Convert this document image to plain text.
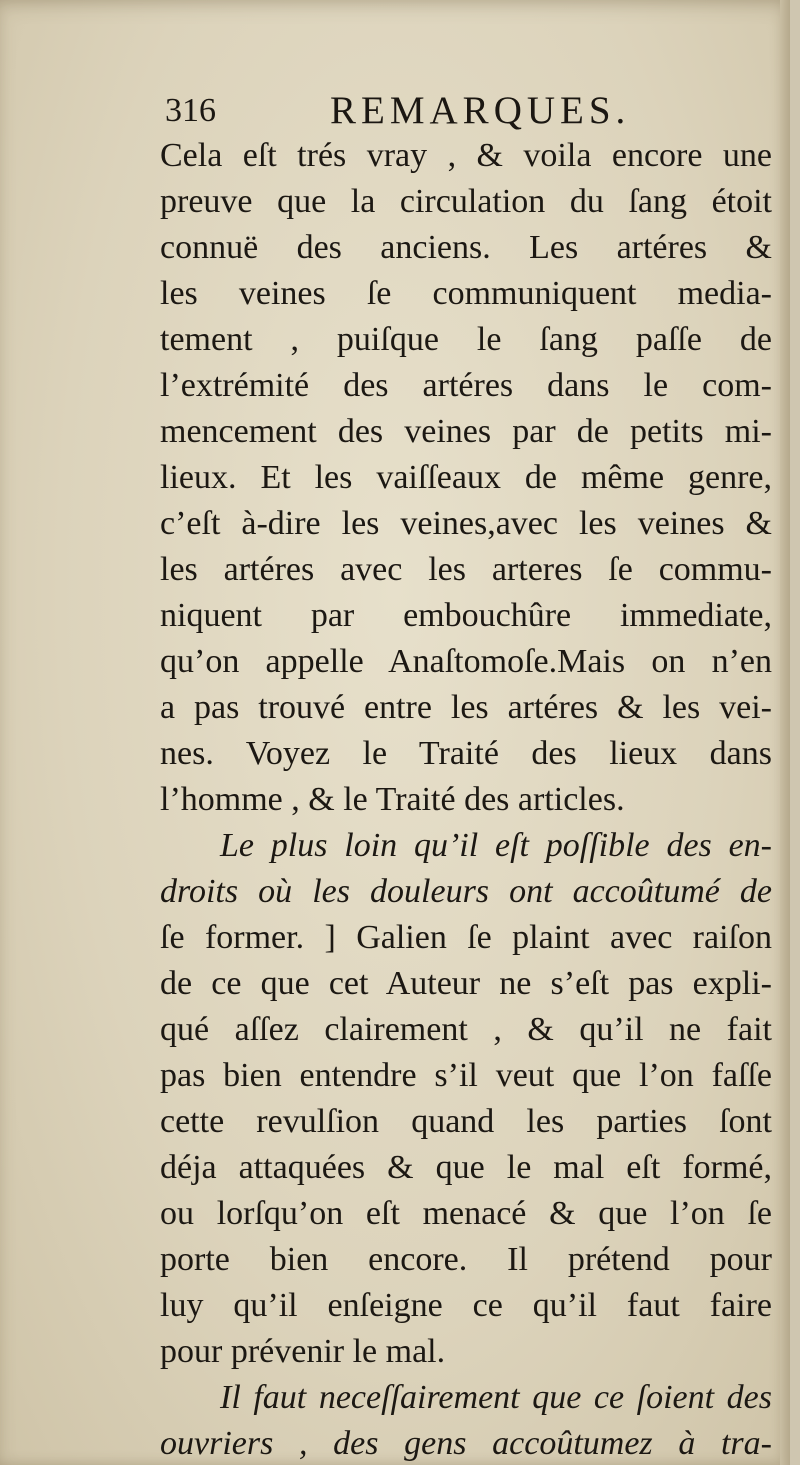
316	REMARQUES.
Cela eſt trés vray , & voila encore une
preuve que la circulation du ſang étoit
connuë des anciens. Les artéres &
les veines ſe communiquent media-
tement , puiſque le ſang paſſe de
l’extrémité des artéres dans le com-
mencement des veines par de petits mi-
lieux. Et les vaiſſeaux de même genre,
c’eſt à-dire les veines,avec les veines &
les artéres avec les arteres ſe commu-
niquent par embouchûre immediate,
qu’on appelle Anaſtomoſe.Mais on n’en
a pas trouvé entre les artéres & les vei-
nes. Voyez le Traité des lieux dans
l’homme , & le Traité des articles.
Le plus loin qu’il eſt poſſible des en-
droits où les douleurs ont accoûtumé de
ſe former. ] Galien ſe plaint avec raiſon
de ce que cet Auteur ne s’eſt pas expli-
qué aſſez clairement , & qu’il ne fait
pas bien entendre s’il veut que l’on faſſe
cette revulſion quand les parties ſont
déja attaquées & que le mal eſt formé,
ou lorſqu’on eſt menacé & que l’on ſe
porte bien encore. Il prétend pour
luy qu’il enſeigne ce qu’il faut faire
pour prévenir le mal.
Il faut neceſſairement que ce ſoient des
ouvriers , des gens accoûtumez à tra-
